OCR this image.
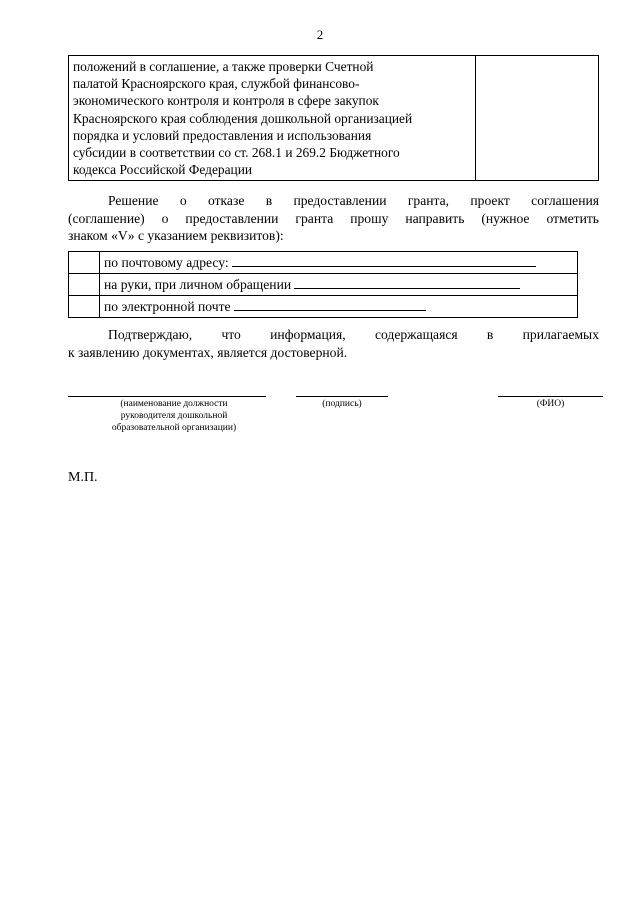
2
положений в соглашение, а также проверки Счетной
палатой Красноярского края, службой финансово-
экономического контроля и контроля в сфере закупок
Красноярского края соблюдения дошкольной организацией
порядка и условий предоставления и использования
субсидии в соответствии со ст. 268.1 и 269.2 Бюджетного
кодекса Российской Федерации

Решение о отказе в предоставлении гранта, проект соглашения
(соглашение) о предоставлении гранта прошу направить (нужное отметить
знаком «V» с указанием реквизитов):
	по почтовому адресу:
	на руки, при личном обращении
	по электронной почте
Подтверждаю, что информация, содержащаяся в прилагаемых
к заявлению документах, является достоверной.
(наименование должности
руководителя дошкольной
образовательной организации)
(подпись)	(ФИО)
М.П.
